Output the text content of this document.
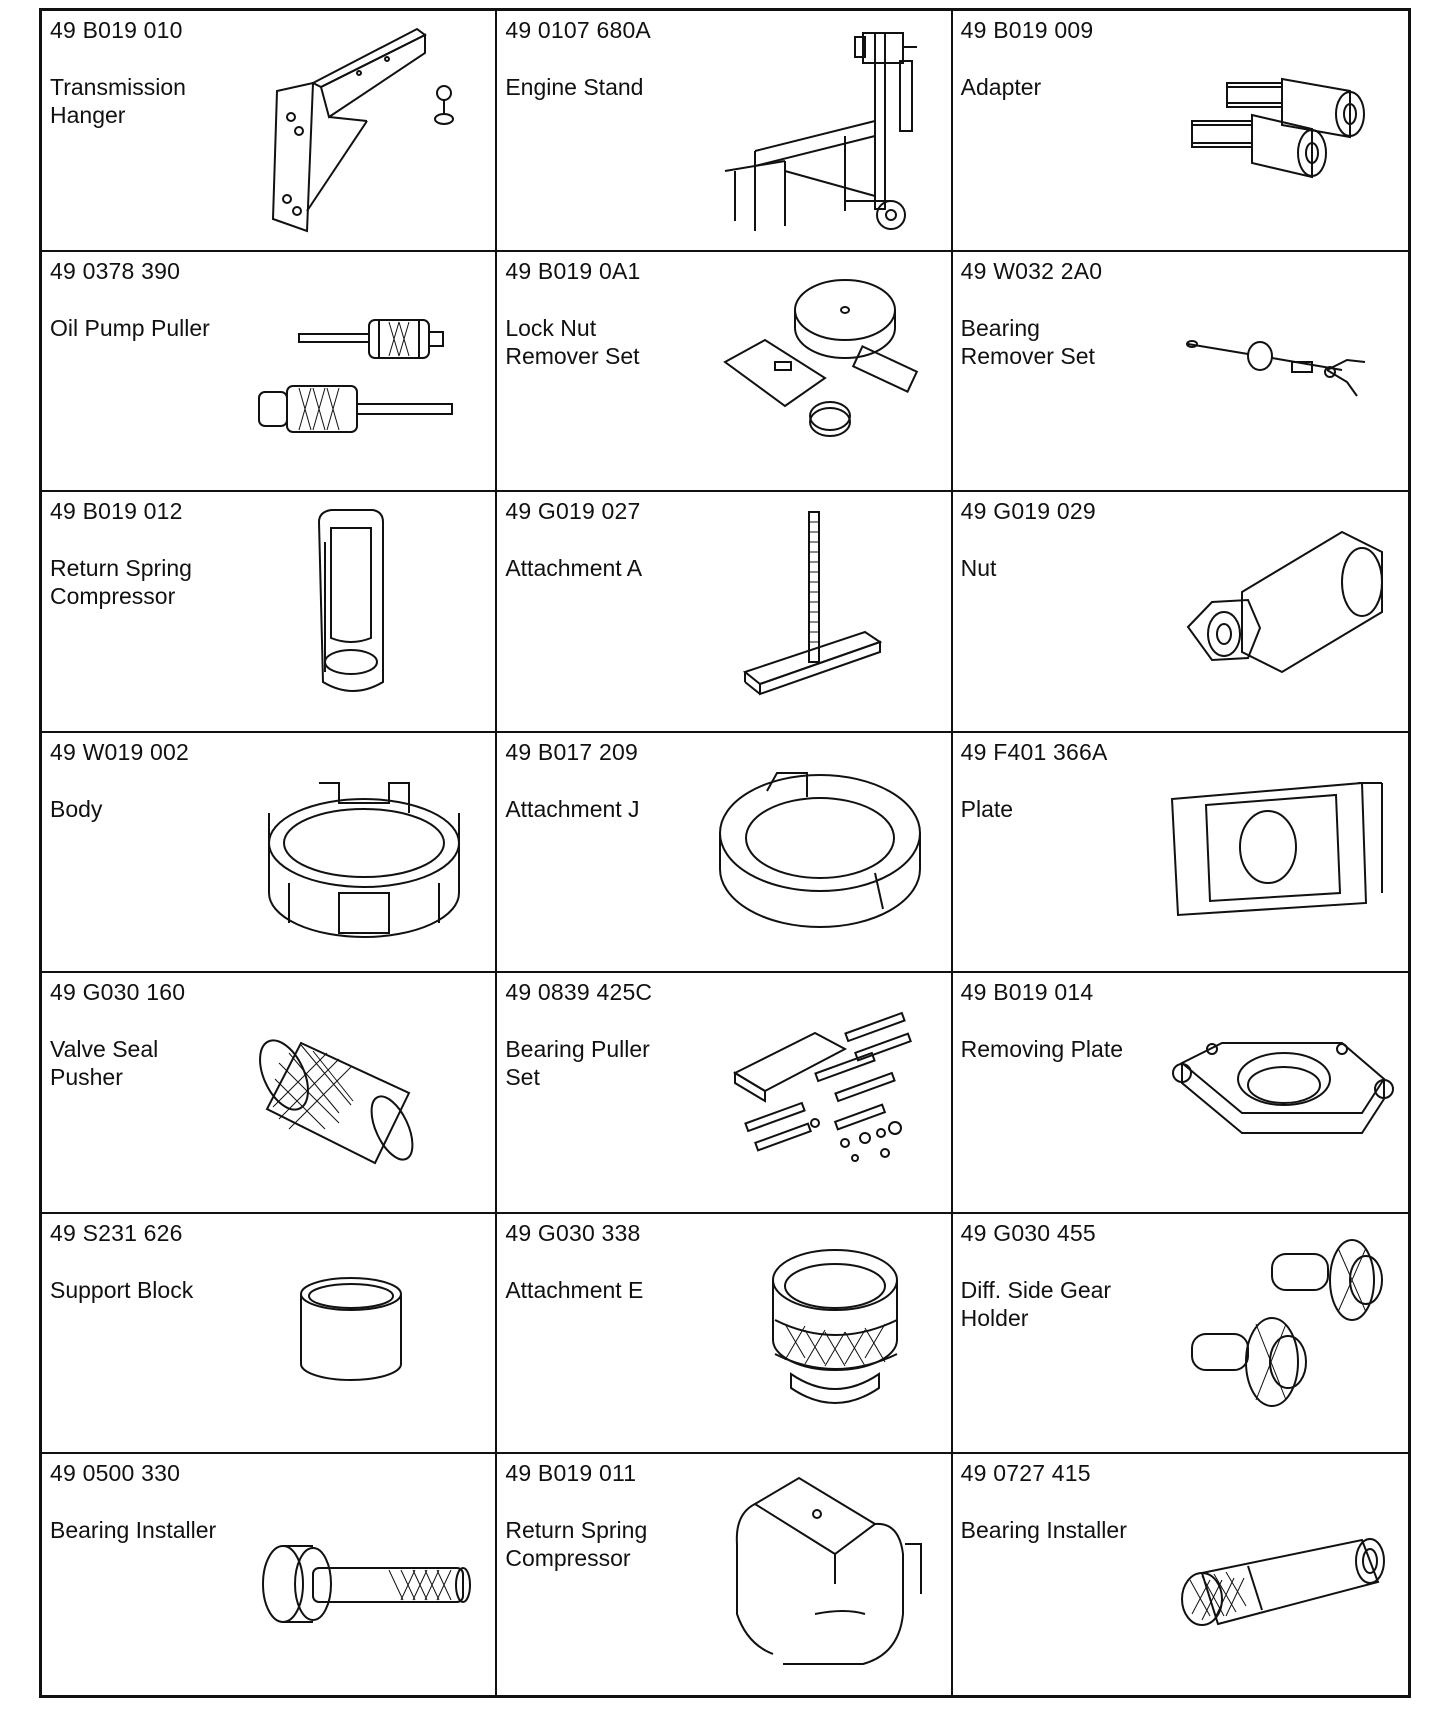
49 B019 010
Transmission
Hanger
49 0107 680A
Engine Stand
49 B019 009
Adapter
49 0378 390
Oil Pump Puller
49 B019 0A1
Lock Nut
Remover Set
49 W032 2A0
Bearing
Remover Set
49 B019 012
Return Spring
Compressor
49 G019 027
Attachment A
49 G019 029
Nut
49 W019 002
Body
49 B017 209
Attachment J
49 F401 366A
Plate
49 G030 160
Valve Seal
Pusher
49 0839 425C
Bearing Puller
Set
49 B019 014
Removing Plate
49 S231 626
Support Block
49 G030 338
Attachment E
49 G030 455
Diff. Side Gear
Holder
49 0500 330
Bearing Installer
49 B019 011
Return Spring
Compressor
49 0727 415
Bearing Installer
